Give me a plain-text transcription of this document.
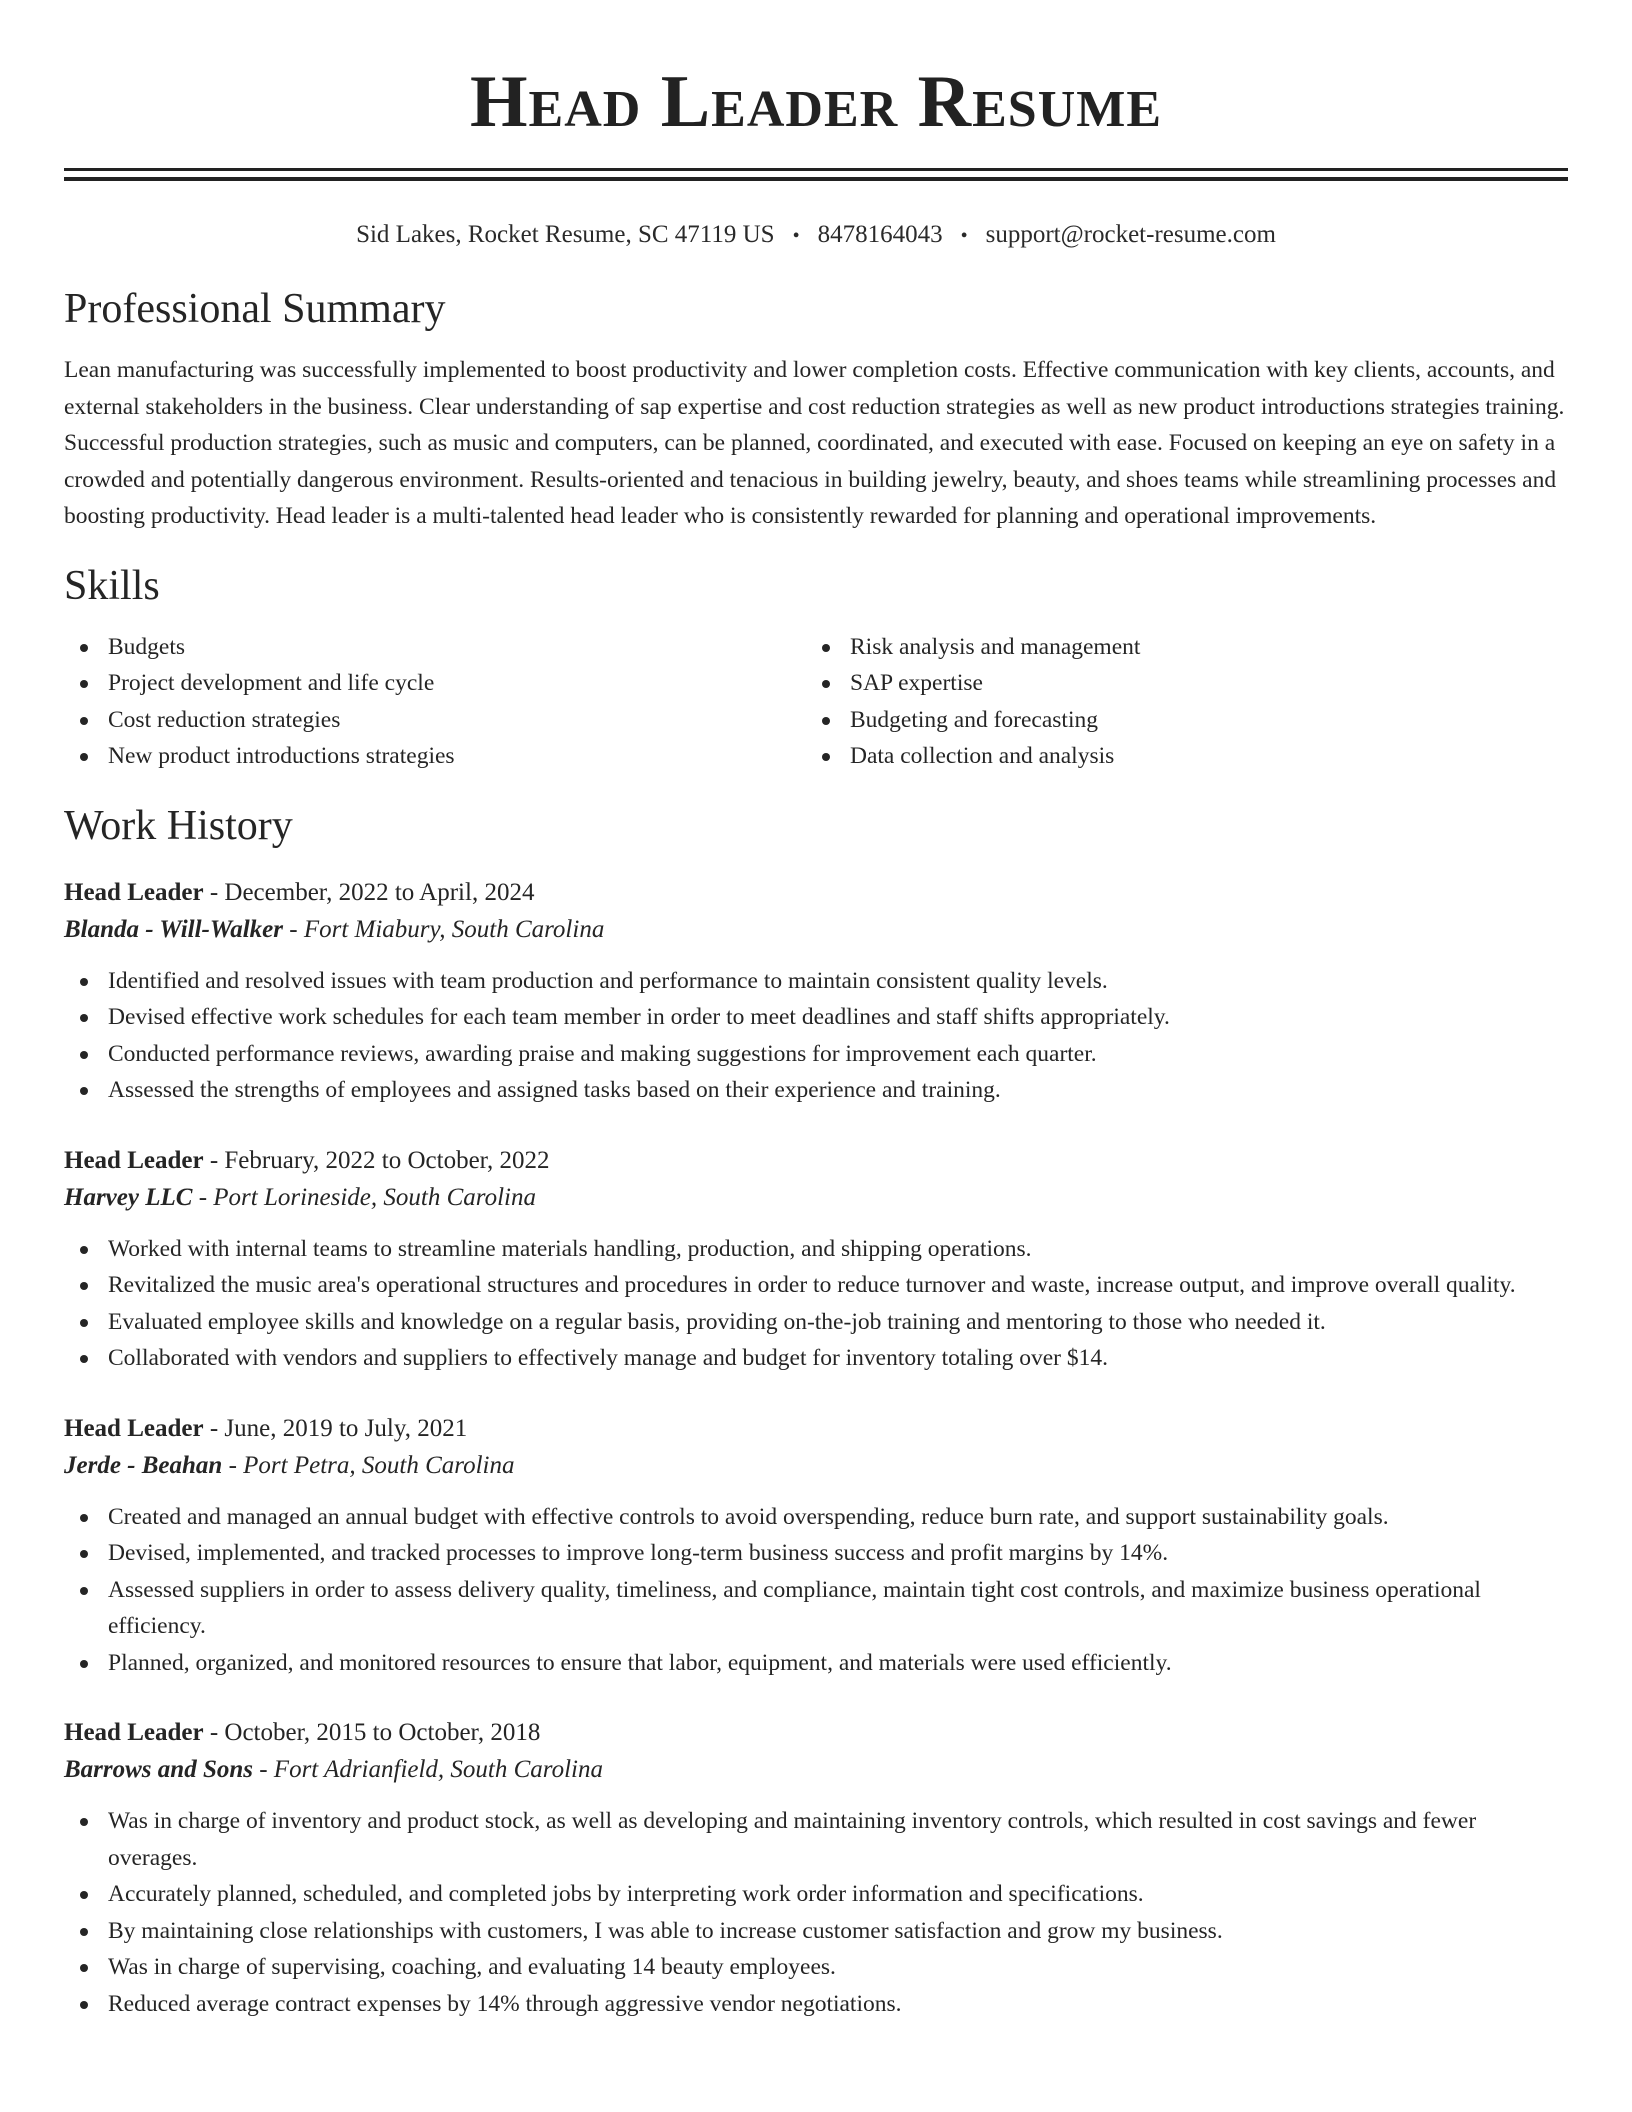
Head Leader Resume
Sid Lakes, Rocket Resume, SC 47119 US • 8478164043 • support@rocket-resume.com
Professional Summary

Lean manufacturing was successfully implemented to boost productivity and lower completion costs. Effective communication with key clients, accounts, and external stakeholders in the business. Clear understanding of sap expertise and cost reduction strategies as well as new product introductions strategies training. Successful production strategies, such as music and computers, can be planned, coordinated, and executed with ease. Focused on keeping an eye on safety in a crowded and potentially dangerous environment. Results-oriented and tenacious in building jewelry, beauty, and shoes teams while streamlining processes and boosting productivity. Head leader is a multi-talented head leader who is consistently rewarded for planning and operational improvements.

Skills
Budgets
Project development and life cycle
Cost reduction strategies
New product introductions strategies
Risk analysis and management
SAP expertise
Budgeting and forecasting
Data collection and analysis
Work History
Head Leader - December, 2022 to April, 2024
Blanda - Will-Walker - Fort Miabury, South Carolina
Identified and resolved issues with team production and performance to maintain consistent quality levels.
Devised effective work schedules for each team member in order to meet deadlines and staff shifts appropriately.
Conducted performance reviews, awarding praise and making suggestions for improvement each quarter.
Assessed the strengths of employees and assigned tasks based on their experience and training.
Head Leader - February, 2022 to October, 2022
Harvey LLC - Port Lorineside, South Carolina
Worked with internal teams to streamline materials handling, production, and shipping operations.
Revitalized the music area's operational structures and procedures in order to reduce turnover and waste, increase output, and improve overall quality.
Evaluated employee skills and knowledge on a regular basis, providing on-the-job training and mentoring to those who needed it.
Collaborated with vendors and suppliers to effectively manage and budget for inventory totaling over $14.
Head Leader - June, 2019 to July, 2021
Jerde - Beahan - Port Petra, South Carolina
Created and managed an annual budget with effective controls to avoid overspending, reduce burn rate, and support sustainability goals.
Devised, implemented, and tracked processes to improve long-term business success and profit margins by 14%.
Assessed suppliers in order to assess delivery quality, timeliness, and compliance, maintain tight cost controls, and maximize business operational efficiency.
Planned, organized, and monitored resources to ensure that labor, equipment, and materials were used efficiently.
Head Leader - October, 2015 to October, 2018
Barrows and Sons - Fort Adrianfield, South Carolina
Was in charge of inventory and product stock, as well as developing and maintaining inventory controls, which resulted in cost savings and fewer overages.
Accurately planned, scheduled, and completed jobs by interpreting work order information and specifications.
By maintaining close relationships with customers, I was able to increase customer satisfaction and grow my business.
Was in charge of supervising, coaching, and evaluating 14 beauty employees.
Reduced average contract expenses by 14% through aggressive vendor negotiations.
